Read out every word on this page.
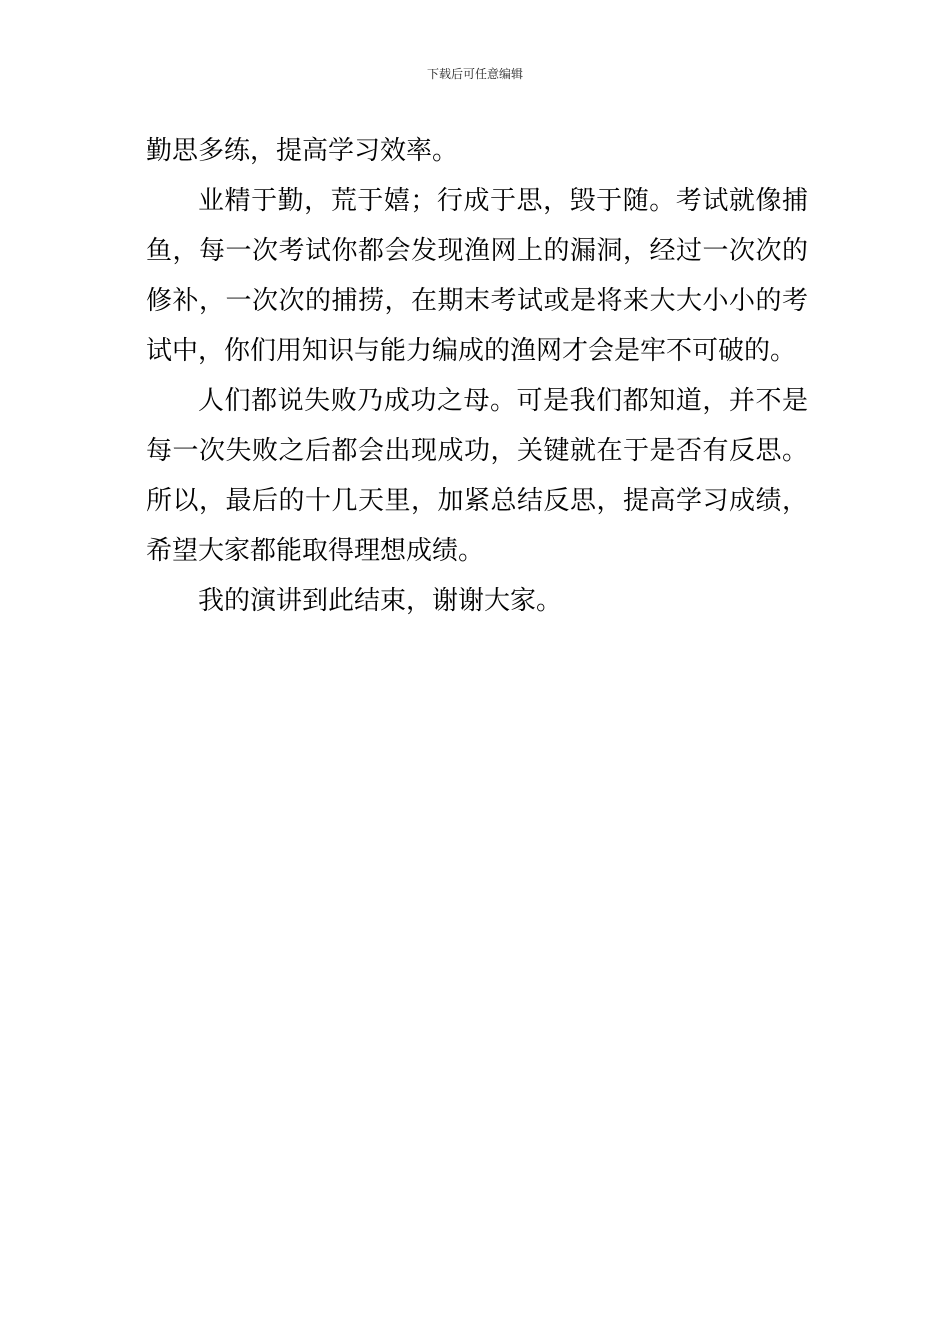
下载后可任意编辑

勤思多练，提高学习效率。

业精于勤，荒于嬉；行成于思，毁于随。考试就像捕鱼，每一次考试你都会发现渔网上的漏洞，经过一次次的修补，一次次的捕捞，在期末考试或是将来大大小小的考试中，你们用知识与能力编成的渔网才会是牢不可破的。

人们都说失败乃成功之母。可是我们都知道，并不是每一次失败之后都会出现成功，关键就在于是否有反思。所以，最后的十几天里，加紧总结反思，提高学习成绩，希望大家都能取得理想成绩。

我的演讲到此结束，谢谢大家。
